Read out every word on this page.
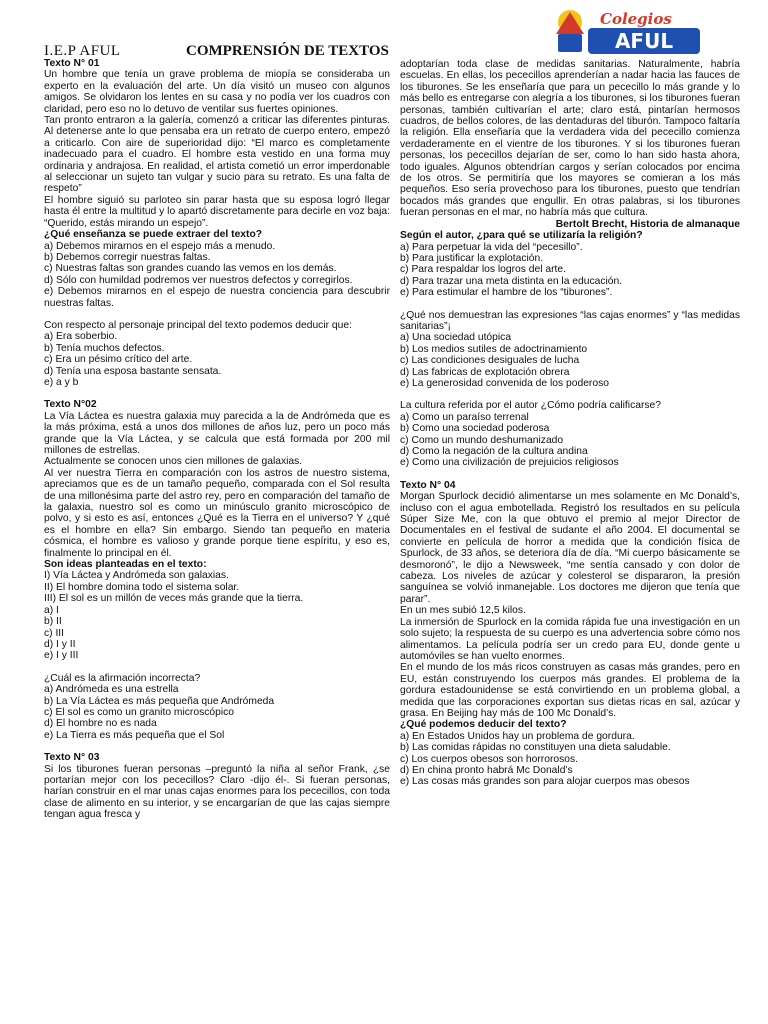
Colegios
AFUL
I.E.P AFUL	COMPRENSIÓN DE TEXTOS

Texto N° 01

Un hombre que tenía un grave problema de miopía se consideraba un experto en la evaluación del arte. Un día visitó un museo con algunos amigos. Se olvidaron los lentes en su casa y no podía ver los cuadros con claridad, pero eso no lo detuvo de ventilar sus fuertes opiniones.

Tan pronto entraron a la galería, comenzó a criticar las diferentes pinturas. Al detenerse ante lo que pensaba era un retrato de cuerpo entero, empezó a criticarlo. Con aire de superioridad dijo: “El marco es completamente inadecuado para el cuadro. El hombre esta vestido en una forma muy ordinaria y andrajosa. En realidad, el artista cometió un error imperdonable al seleccionar un sujeto tan vulgar y sucio para su retrato. Es una falta de respeto”

El hombre siguió su parloteo sin parar hasta que su esposa logró llegar hasta él entre la multitud y lo apartó discretamente para decirle en voz baja: “Querido, estás mirando un espejo”.

¿Qué enseñanza se puede extraer del texto?

a) Debemos mirarnos en el espejo más a menudo.

b) Debemos corregir nuestras faltas.

c) Nuestras faltas son grandes cuando las vemos en los demás.

d) Sólo con humildad podremos ver nuestros defectos y corregirlos.

e) Debemos mirarnos en el espejo de nuestra conciencia para descubrir nuestras faltas.

Con respecto al personaje principal del texto podemos deducir que:

a) Era soberbio.

b) Tenía muchos defectos.

c) Era un pésimo crítico del arte.

d) Tenía una esposa bastante sensata.

e) a y b

Texto N°02

La Vía Láctea es nuestra galaxia muy parecida a la de Andrómeda que es la más próxima, está a unos dos millones de años luz, pero un poco más grande que la Vía Láctea, y se calcula que está formada por 200 mil millones de estrellas.

Actualmente se conocen unos cien millones de galaxias.

Al ver nuestra Tierra en comparación con los astros de nuestro sistema, apreciamos que es de un tamaño pequeño, comparada con el Sol resulta de una millonésima parte del astro rey, pero en comparación del tamaño de la galaxia, nuestro sol es como un minúsculo granito microscópico de polvo, y si esto es así, entonces ¿Qué es la Tierra en el universo? Y ¿qué es el hombre en ella? Sin embargo. Siendo tan pequeño en materia cósmica, el hombre es valioso y grande porque tiene espíritu, y eso es, finalmente lo principal en él.

Son ideas planteadas en el texto:

I) Vía Láctea y Andrómeda son galaxias.

II) El hombre domina todo el sistema solar.

III) El sol es un millón de veces más grande que la tierra.

a) I

b) II

c) III

d) I y II

e) I y III

¿Cuál es la afirmación incorrecta?

a) Andrómeda es una estrella

b) La Vía Láctea es más pequeña que Andrómeda

c) El sol es como un granito microscópico

d) El hombre no es nada

e) La Tierra es más pequeña que el Sol

Texto N° 03

Si los tiburones fueran personas –preguntó la niña al señor Frank, ¿se portarían mejor con los pececillos? Claro -dijo él-. Si fueran personas, harían construir en el mar unas cajas enormes para los pececillos, con toda clase de alimento en su interior, y se encargarían de que las cajas siempre tengan agua fresca y

adoptarían toda clase de medidas sanitarias. Naturalmente, habría escuelas. En ellas, los pececillos aprenderían a nadar hacia las fauces de los tiburones. Se les enseñaría que para un pececillo lo más grande y lo más bello es entregarse con alegría a los tiburones, si los tiburones fueran personas, también cultivarían el arte; claro está, pintarían hermosos cuadros, de bellos colores, de las dentaduras del tiburón. Tampoco faltaría la religión. Ella enseñaría que la verdadera vida del pececillo comienza verdaderamente en el vientre de los tiburones. Y si los tiburones fueran personas, los pececillos dejarían de ser, como lo han sido hasta ahora, todo iguales. Algunos obtendrían cargos y serían colocados por encima de los otros. Se permitiría que los mayores se comieran a los más pequeños. Eso sería provechoso para los tiburones, puesto que tendrían bocados más grandes que engullir. En otras palabras, si los tiburones fueran personas en el mar, no habría más que cultura.

Bertolt Brecht, Historia de almanaque

Según el autor, ¿para qué se utilizaría la religión?

a) Para perpetuar la vida del “pecesillo”.

b) Para justificar la explotación.

c) Para respaldar los logros del arte.

d) Para trazar una meta distinta en la educación.

e) Para estimular el hambre de los “tiburones”.

¿Qué nos demuestran las expresiones “las cajas enormes” y “las medidas sanitarias”¡

a) Una sociedad utópica

b) Los medios sutiles de adoctrinamiento

c) Las condiciones desiguales de lucha

d) Las fabricas de explotación obrera

e) La generosidad convenida de los poderoso

La cultura referida por el autor ¿Cómo podría calificarse?

a) Como un paraíso terrenal

b) Como una sociedad poderosa

c) Como un mundo deshumanizado

d) Como la negación de la cultura andina

e) Como una civilización de prejuicios religiosos

Texto N° 04

Morgan Spurlock decidió alimentarse un mes solamente en Mc Donald’s, incluso con el agua embotellada. Registró los resultados en su película Súper Size Me, con la que obtuvo el premio al mejor Director de Documentales en el festival de sudante el año 2004. El documental se convierte en película de horror a medida que la condición física de Spurlock, de 33 años, se deteriora día de día. “Mi cuerpo básicamente se desmoronó”, le dijo a Newsweek, “me sentía cansado y con dolor de cabeza. Los niveles de azúcar y colesterol se dispararon, la presión sanguínea se volvió inmanejable. Los doctores me dijeron que tenía que parar”.

En un mes subió 12,5 kilos.

La inmersión de Spurlock en la comida rápida fue una investigación en un solo sujeto; la respuesta de su cuerpo es una advertencia sobre cómo nos alimentamos. La película podría ser un credo para EU, donde gente u automóviles se han vuelto enormes.

En el mundo de los más ricos construyen as casas más grandes, pero en EU, están construyendo los cuerpos más grandes. El problema de la gordura estadounidense se está convirtiendo en un problema global, a medida que las corporaciones exportan sus dietas ricas en sal, azúcar y grasa. En Beijing hay más de 100 Mc Donald’s.

¿Qué podemos deducir del texto?

a) En Estados Unidos hay un problema de gordura.

b) Las comidas rápidas no constituyen una dieta saludable.

c) Los cuerpos obesos son horrorosos.

d) En china pronto habrá Mc Donald’s

e) Las cosas más grandes son para alojar cuerpos mas obesos
